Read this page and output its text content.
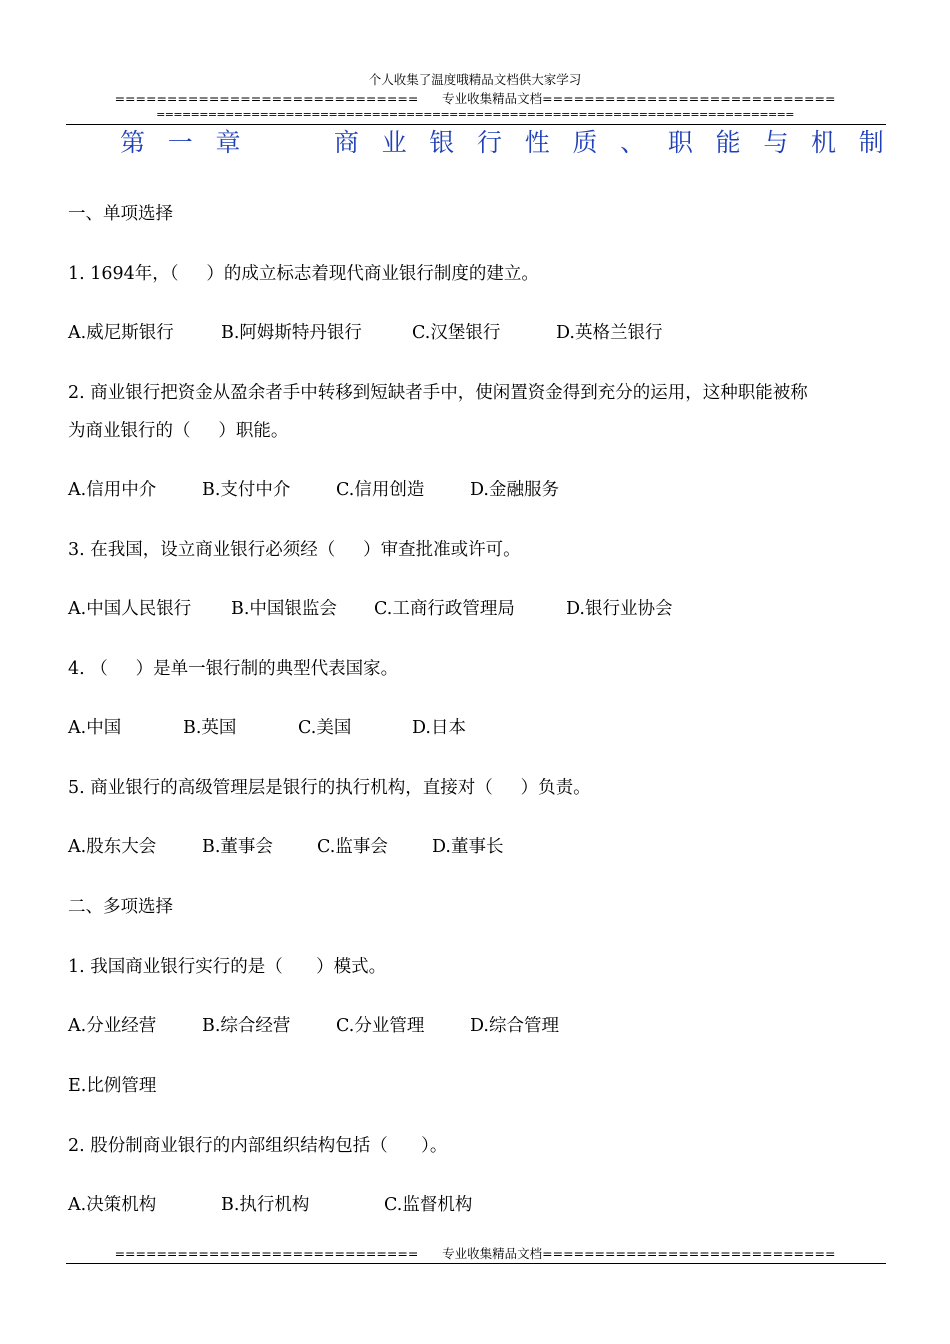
个人收集了温度哦精品文档供大家学习
============================= 专业收集精品文档============================
==========================================================================
第 一 章	商 业 银 行 性 质 、 职 能 与 机 制
一、单项选择
1. 1694年，（     ）的成立标志着现代商业银行制度的建立。
A.威尼斯银行	B.阿姆斯特丹银行	C.汉堡银行	D.英格兰银行
2. 商业银行把资金从盈余者手中转移到短缺者手中，使闲置资金得到充分的运用，这种职能被称
为商业银行的（     ）职能。
A.信用中介	B.支付中介	C.信用创造	D.金融服务
3. 在我国，设立商业银行必须经（     ）审查批准或许可。
A.中国人民银行 B.中国银监会 C.工商行政管理局	D.银行业协会
4. （     ）是单一银行制的典型代表国家。
A.中国	B.英国	C.美国	D.日本
5. 商业银行的高级管理层是银行的执行机构，直接对（     ）负责。
A.股东大会	B.董事会	C.监事会	D.董事长
二、多项选择
1. 我国商业银行实行的是（      ）模式。
A.分业经营	B.综合经营	C.分业管理	D.综合管理
E.比例管理
2. 股份制商业银行的内部组织结构包括（      ）。
A.决策机构	B.执行机构	C.监督机构
============================= 专业收集精品文档============================
